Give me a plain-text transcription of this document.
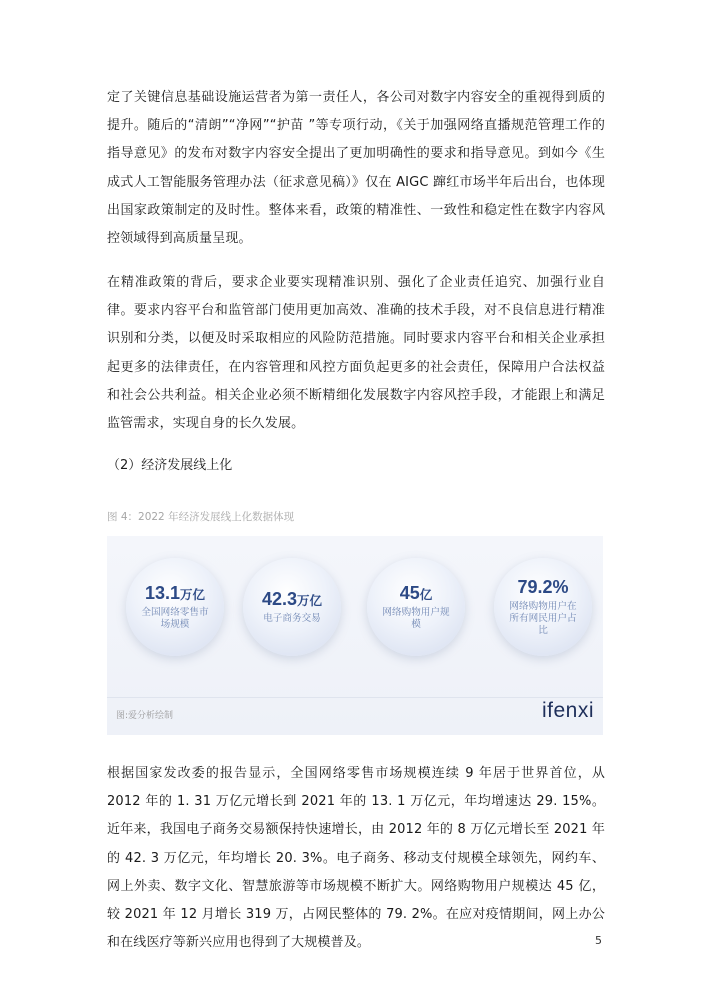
定了关键信息基础设施运营者为第一责任人，各公司对数字内容安全的重视得到质的提升。随后的“清朗”“净网”“护苗 ”等专项行动，《关于加强网络直播规范管理工作的指导意见》的发布对数字内容安全提出了更加明确性的要求和指导意见。到如今《生成式人工智能服务管理办法（征求意见稿）》仅在 AIGC 蹿红市场半年后出台，也体现出国家政策制定的及时性。整体来看，政策的精准性、一致性和稳定性在数字内容风控领域得到高质量呈现。

在精准政策的背后，要求企业要实现精准识别、强化了企业责任追究、加强行业自律。要求内容平台和监管部门使用更加高效、准确的技术手段，对不良信息进行精准识别和分类，以便及时采取相应的风险防范措施。同时要求内容平台和相关企业承担起更多的法律责任，在内容管理和风控方面负起更多的社会责任，保障用户合法权益和社会公共利益。相关企业必须不断精细化发展数字内容风控手段，才能跟上和满足监管需求，实现自身的长久发展。

（2）经济发展线上化

图 4：2022 年经济发展线上化数据体现
13.1万亿
全国网络零售市场规模
42.3万亿
电子商务交易
45亿
网络购物用户规模
79.2%
网络购物用户在所有网民用户占比
图:爱分析绘制	ifenxi

根据国家发改委的报告显示，全国网络零售市场规模连续 9 年居于世界首位，从 2012 年的 1. 31 万亿元增长到 2021 年的 13. 1 万亿元，年均增速达 29. 15%。近年来，我国电子商务交易额保持快速增长，由 2012 年的 8 万亿元增长至 2021 年的 42. 3 万亿元，年均增长 20. 3%。电子商务、移动支付规模全球领先，网约车、网上外卖、数字文化、智慧旅游等市场规模不断扩大。网络购物用户规模达 45 亿，较 2021 年 12 月增长 319 万，占网民整体的 79. 2%。在应对疫情期间，网上办公和在线医疗等新兴应用也得到了大规模普及。	5
